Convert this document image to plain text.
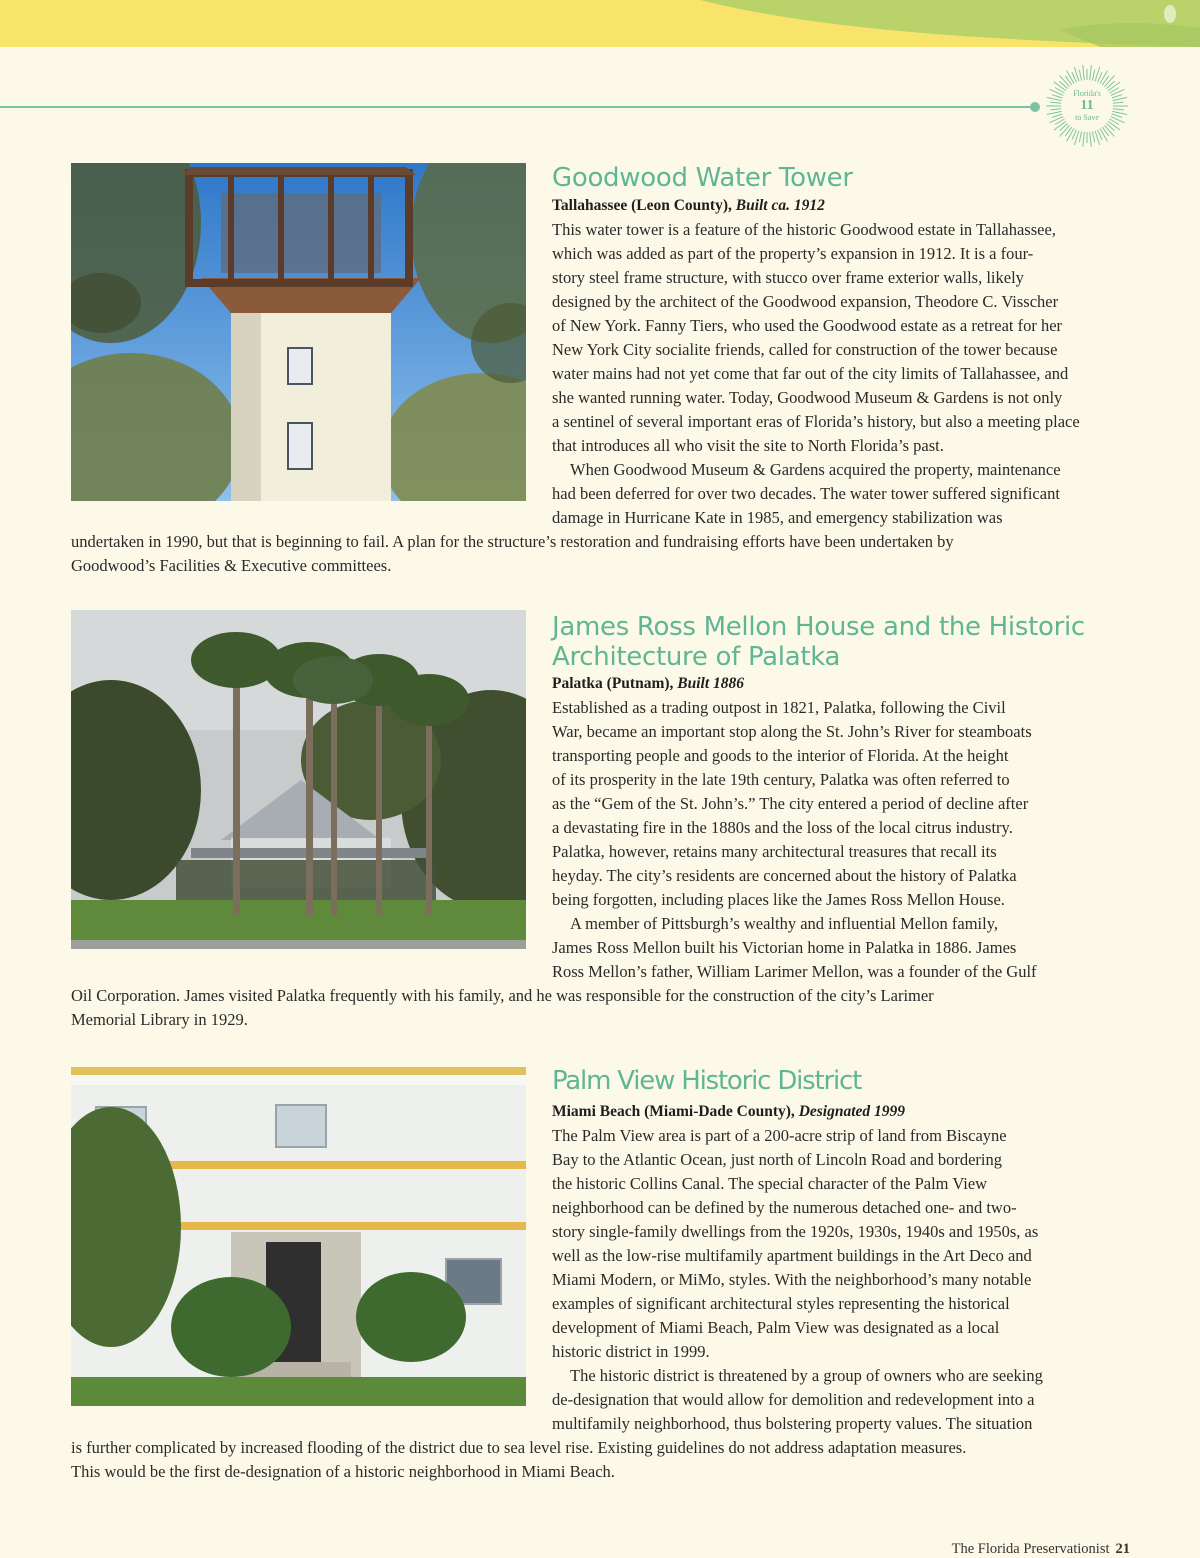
Florida's
11
to Save
Goodwood Water Tower
Tallahassee (Leon County), Built ca. 1912
This water tower is a feature of the historic Goodwood estate in Tallahassee,
which was added as part of the property’s expansion in 1912. It is a four-
story steel frame structure, with stucco over frame exterior walls, likely
designed by the architect of the Goodwood expansion, Theodore C. Visscher
of New York. Fanny Tiers, who used the Goodwood estate as a retreat for her
New York City socialite friends, called for construction of the tower because
water mains had not yet come that far out of the city limits of Tallahassee, and
she wanted running water. Today, Goodwood Museum & Gardens is not only
a sentinel of several important eras of Florida’s history, but also a meeting place
that introduces all who visit the site to North Florida’s past.
When Goodwood Museum & Gardens acquired the property, maintenance
had been deferred for over two decades. The water tower suffered significant
damage in Hurricane Kate in 1985, and emergency stabilization was
undertaken in 1990, but that is beginning to fail. A plan for the structure’s restoration and fundraising efforts have been undertaken by
Goodwood’s Facilities & Executive committees.
James Ross Mellon House and the Historic
Architecture of Palatka
Palatka (Putnam), Built 1886
Established as a trading outpost in 1821, Palatka, following the Civil
War, became an important stop along the St. John’s River for steamboats
transporting people and goods to the interior of Florida. At the height
of its prosperity in the late 19th century, Palatka was often referred to
as the “Gem of the St. John’s.” The city entered a period of decline after
a devastating fire in the 1880s and the loss of the local citrus industry.
Palatka, however, retains many architectural treasures that recall its
heyday. The city’s residents are concerned about the history of Palatka
being forgotten, including places like the James Ross Mellon House.
A member of Pittsburgh’s wealthy and influential Mellon family,
James Ross Mellon built his Victorian home in Palatka in 1886. James
Ross Mellon’s father, William Larimer Mellon, was a founder of the Gulf
Oil Corporation. James visited Palatka frequently with his family, and he was responsible for the construction of the city’s Larimer
Memorial Library in 1929.
Palm View Historic District
Miami Beach (Miami-Dade County), Designated 1999
The Palm View area is part of a 200-acre strip of land from Biscayne
Bay to the Atlantic Ocean, just north of Lincoln Road and bordering
the historic Collins Canal. The special character of the Palm View
neighborhood can be defined by the numerous detached one- and two-
story single-family dwellings from the 1920s, 1930s, 1940s and 1950s, as
well as the low-rise multifamily apartment buildings in the Art Deco and
Miami Modern, or MiMo, styles. With the neighborhood’s many notable
examples of significant architectural styles representing the historical
development of Miami Beach, Palm View was designated as a local
historic district in 1999.
The historic district is threatened by a group of owners who are seeking
de-designation that would allow for demolition and redevelopment into a
multifamily neighborhood, thus bolstering property values. The situation
is further complicated by increased flooding of the district due to sea level rise. Existing guidelines do not address adaptation measures.
This would be the first de-designation of a historic neighborhood in Miami Beach.
The Florida Preservationist 21
